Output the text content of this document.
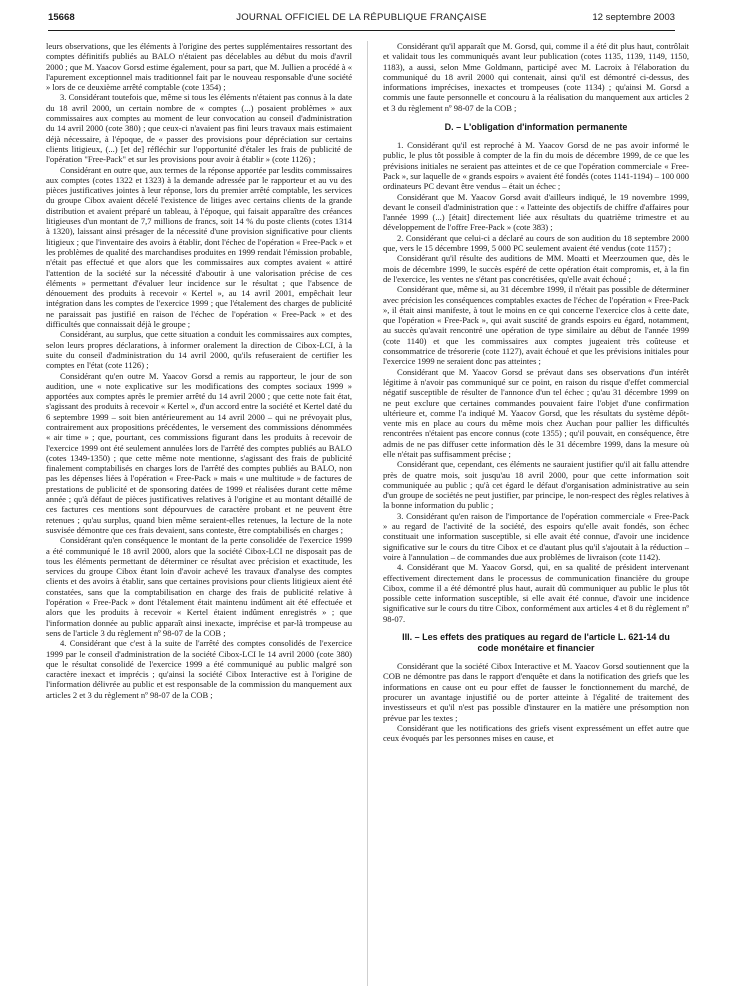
15668	JOURNAL OFFICIEL DE LA RÉPUBLIQUE FRANÇAISE	12 septembre 2003

leurs observations, que les éléments à l'origine des pertes supplémentaires ressortant des comptes définitifs publiés au BALO n'étaient pas décelables au début du mois d'avril 2000 ; que M. Yaacov Gorsd estime également, pour sa part, que M. Jullien a procédé à « l'apurement exceptionnel mais traditionnel fait par le nouveau responsable d'une société » lors de ce deuxième arrêté comptable (cote 1354) ;

3. Considérant toutefois que, même si tous les éléments n'étaient pas connus à la date du 18 avril 2000, un certain nombre de « comptes (...) posaient problèmes » aux commissaires aux comptes au moment de leur convocation au conseil d'administration du 14 avril 2000 (cote 380) ; que ceux-ci n'avaient pas fini leurs travaux mais estimaient déjà nécessaire, à l'époque, de « passer des provisions pour dépréciation sur certains clients litigieux, (...) [et de] réfléchir sur l'opportunité d'étaler les frais de publicité de l'opération "Free-Pack" et sur les provisions pour avoir à établir » (cote 1126) ;

Considérant en outre que, aux termes de la réponse apportée par lesdits commissaires aux comptes (cotes 1322 et 1323) à la demande adressée par le rapporteur et au vu des pièces justificatives jointes à leur réponse, lors du premier arrêté comptable, les services du groupe Cibox avaient décelé l'existence de litiges avec certains clients de la grande distribution et avaient préparé un tableau, à l'époque, qui faisait apparaître des créances litigieuses d'un montant de 7,7 millions de francs, soit 14 % du poste clients (cotes 1314 à 1320), laissant ainsi présager de la nécessité d'une provision significative pour clients litigieux ; que l'inventaire des avoirs à établir, dont l'échec de l'opération « Free-Pack » et les problèmes de qualité des marchandises produites en 1999 rendait l'émission probable, n'était pas effectué et que alors que les commissaires aux comptes avaient « attiré l'attention de la société sur la nécessité d'aboutir à une valorisation précise de ces éléments » permettant d'évaluer leur incidence sur le résultat ; que l'absence de dénouement des produits à recevoir « Kertel », au 14 avril 2001, empêchait leur intégration dans les comptes de l'exercice 1999 ; que l'étalement des charges de publicité ne paraissait pas justifié en raison de l'échec de l'opération « Free-Pack » et des difficultés que connaissait déjà le groupe ;

Considérant, au surplus, que cette situation a conduit les commissaires aux comptes, selon leurs propres déclarations, à informer oralement la direction de Cibox-LCI, à la suite du conseil d'administration du 14 avril 2000, qu'ils refuseraient de certifier les comptes en l'état (cote 1126) ;

Considérant qu'en outre M. Yaacov Gorsd a remis au rapporteur, le jour de son audition, une « note explicative sur les modifications des comptes sociaux 1999 » apportées aux comptes après le premier arrêté du 14 avril 2000 ; que cette note fait état, s'agissant des produits à recevoir « Kertel », d'un accord entre la société et Kertel daté du 6 septembre 1999 – soit bien antérieurement au 14 avril 2000 – qui ne prévoyait plus, contrairement aux propositions précédentes, le versement des commissions dénommées « air time » ; que, pourtant, ces commissions figurant dans les produits à recevoir de l'exercice 1999 ont été seulement annulées lors de l'arrêté des comptes publiés au BALO (cotes 1349-1350) ; que cette même note mentionne, s'agissant des frais de publicité finalement comptabilisés en charges lors de l'arrêté des comptes publiés au BALO, non pas les dépenses liées à l'opération « Free-Pack » mais « une multitude » de factures de prestations de publicité et de sponsoring datées de 1999 et réalisées durant cette même année ; qu'à défaut de pièces justificatives relatives à l'origine et au montant détaillé de ces factures ces mentions sont dépourvues de caractère probant et ne peuvent être retenues ; qu'au surplus, quand bien même seraient-elles retenues, la lecture de la note susvisée démontre que ces frais devaient, sans conteste, être comptabilisés en charges ;

Considérant qu'en conséquence le montant de la perte consolidée de l'exercice 1999 a été communiqué le 18 avril 2000, alors que la société Cibox-LCI ne disposait pas de tous les éléments permettant de déterminer ce résultat avec précision et exactitude, les services du groupe Cibox étant loin d'avoir achevé les travaux d'analyse des comptes clients et des avoirs à établir, sans que certaines provisions pour clients litigieux aient été constatées, sans que la comptabilisation en charge des frais de publicité relative à l'opération « Free-Pack » dont l'étalement était maintenu indûment ait été effectuée et alors que les produits à recevoir « Kertel étaient indûment enregistrés » ; que l'information donnée au public apparaît ainsi inexacte, imprécise et par-là trompeuse au sens de l'article 3 du règlement nº 98-07 de la COB ;

4. Considérant que c'est à la suite de l'arrêté des comptes consolidés de l'exercice 1999 par le conseil d'administration de la société Cibox-LCI le 14 avril 2000 (cote 380) que le résultat consolidé de l'exercice 1999 a été communiqué au public malgré son caractère inexact et imprécis ; qu'ainsi la société Cibox Interactive est à l'origine de l'information délivrée au public et est responsable de la commission du manquement aux articles 2 et 3 du règlement nº 98-07 de la COB ;

Considérant qu'il apparaît que M. Gorsd, qui, comme il a été dit plus haut, contrôlait et validait tous les communiqués avant leur publication (cotes 1135, 1139, 1149, 1150, 1183), a aussi, selon Mme Goldmann, participé avec M. Lacroix à l'élaboration du communiqué du 18 avril 2000 qui contenait, ainsi qu'il est démontré ci-dessus, des informations imprécises, inexactes et trompeuses (cote 1134) ; qu'ainsi M. Gorsd a commis une faute personnelle et concouru à la réalisation du manquement aux articles 2 et 3 du règlement nº 98-07 de la COB ;

D. – L'obligation d'information permanente

1. Considérant qu'il est reproché à M. Yaacov Gorsd de ne pas avoir informé le public, le plus tôt possible à compter de la fin du mois de décembre 1999, de ce que les prévisions initiales ne seraient pas atteintes et de ce que l'opération commerciale « Free-Pack », sur laquelle de « grands espoirs » avaient été fondés (cotes 1141-1194) – 100 000 ordinateurs PC devant être vendus – était un échec ;

Considérant que M. Yaacov Gorsd avait d'ailleurs indiqué, le 19 novembre 1999, devant le conseil d'administration que : « l'atteinte des objectifs de chiffre d'affaires pour l'année 1999 (...) [était] directement liée aux résultats du quatrième trimestre et au développement de l'offre Free-Pack » (cote 383) ;

2. Considérant que celui-ci a déclaré au cours de son audition du 18 septembre 2000 que, vers le 15 décembre 1999, 5 000 PC seulement avaient été vendus (cote 1157) ;

Considérant qu'il résulte des auditions de MM. Moatti et Meerzoumen que, dès le mois de décembre 1999, le succès espéré de cette opération était compromis, et, à la fin de l'exercice, les ventes ne s'étant pas concrétisées, qu'elle avait échoué ;

Considérant que, même si, au 31 décembre 1999, il n'était pas possible de déterminer avec précision les conséquences comptables exactes de l'échec de l'opération « Free-Pack », il était ainsi manifeste, à tout le moins en ce qui concerne l'exercice clos à cette date, que l'opération « Free-Pack », qui avait suscité de grands espoirs eu égard, notamment, au succès qu'avait rencontré une opération de type similaire au début de l'année 1999 (cote 1140) et que les commissaires aux comptes jugeaient très coûteuse et consommatrice de trésorerie (cote 1127), avait échoué et que les prévisions initiales pour l'exercice 1999 ne seraient donc pas atteintes ;

Considérant que M. Yaacov Gorsd se prévaut dans ses observations d'un intérêt légitime à n'avoir pas communiqué sur ce point, en raison du risque d'effet commercial négatif susceptible de résulter de l'annonce d'un tel échec ; qu'au 31 décembre 1999 on ne peut exclure que certaines commandes pouvaient faire l'objet d'une confirmation ultérieure et, comme l'a indiqué M. Yaacov Gorsd, que les résultats du système dépôt-vente mis en place au cours du même mois chez Auchan pour pallier les difficultés rencontrées n'étaient pas encore connus (cote 1355) ; qu'il pouvait, en conséquence, être admis de ne pas diffuser cette information dès le 31 décembre 1999, dans la mesure où elle n'était pas suffisamment précise ;

Considérant que, cependant, ces éléments ne sauraient justifier qu'il ait fallu attendre près de quatre mois, soit jusqu'au 18 avril 2000, pour que cette information soit communiquée au public ; qu'à cet égard le défaut d'organisation administrative au sein d'un groupe de sociétés ne peut justifier, par principe, le non-respect des règles relatives à la bonne information du public ;

3. Considérant qu'en raison de l'importance de l'opération commerciale « Free-Pack » au regard de l'activité de la société, des espoirs qu'elle avait fondés, son échec constituait une information susceptible, si elle avait été connue, d'avoir une incidence significative sur le cours du titre Cibox et ce d'autant plus qu'il s'ajoutait à la réduction – voire à l'annulation – de commandes due aux problèmes de livraison (cote 1142).

4. Considérant que M. Yaacov Gorsd, qui, en sa qualité de président intervenant effectivement directement dans le processus de communication financière du groupe Cibox, comme il a été démontré plus haut, aurait dû communiquer au public le plus tôt possible cette information susceptible, si elle avait été connue, d'avoir une incidence significative sur le cours du titre Cibox, conformément aux articles 4 et 8 du règlement nº 98-07.

III. – Les effets des pratiques au regard de l'article L. 621-14 du code monétaire et financier

Considérant que la société Cibox Interactive et M. Yaacov Gorsd soutiennent que la COB ne démontre pas dans le rapport d'enquête et dans la notification des griefs que les informations en cause ont eu pour effet de fausser le fonctionnement du marché, de procurer un avantage injustifié ou de porter atteinte à l'égalité de traitement des investisseurs et qu'il n'est pas possible d'instaurer en la matière une présomption non prévue par les textes ;

Considérant que les notifications des griefs visent expressément un effet autre que ceux évoqués par les personnes mises en cause, et
